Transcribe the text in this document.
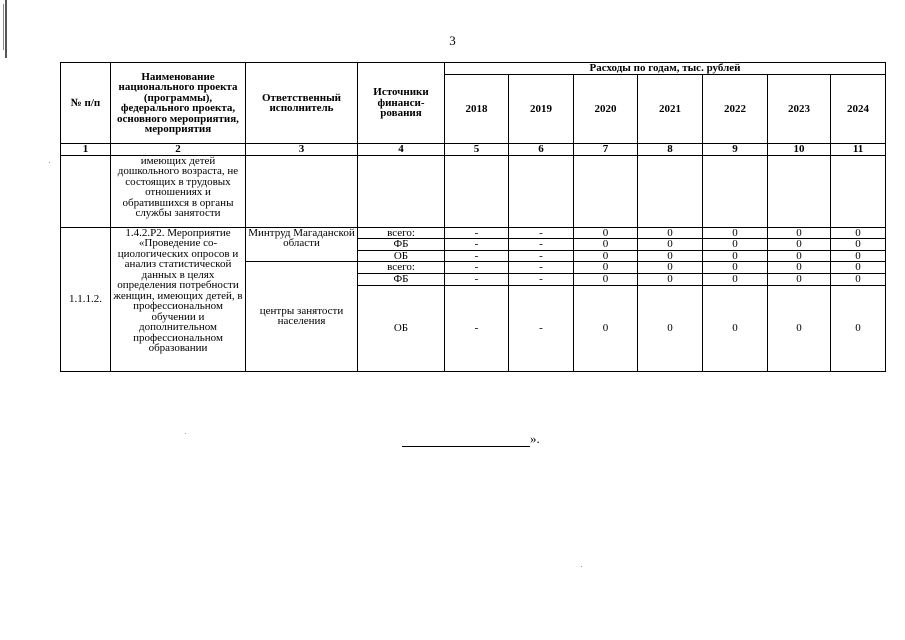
3
№ п/п	Наименование национального проекта (программы), федерального проекта, основного мероприятия, мероприятия	Ответственный исполнитель	Источники финанси-рования	Расходы по годам, тыс. рублей						
				2018	2019	2020	2021	2022	2023	2024
1	2	3	4	5	6	7	8	9	10	11
	имеющих детей дошкольного возраста, не состоящих в трудовых отношениях и обратившихся в органы службы занятости									
1.1.1.2.	1.4.2.Р2. Мероприятие «Проведение со-циологических опросов и анализ статистической данных в целях определения потребности женщин, имеющих детей, в профессиональном обучении и дополнительном профессиональном образовании	Минтруд Магаданской области	всего:	-	-	0	0	0	0	0
			ФБ	-	-	0	0	0	0	0
			ОБ	-	-	0	0	0	0	0
		центры занятости населения	всего:	-	-	0	0	0	0	0
			ФБ	-	-	0	0	0	0	0
			ОБ	-	-	0	0	0	0	0
».
